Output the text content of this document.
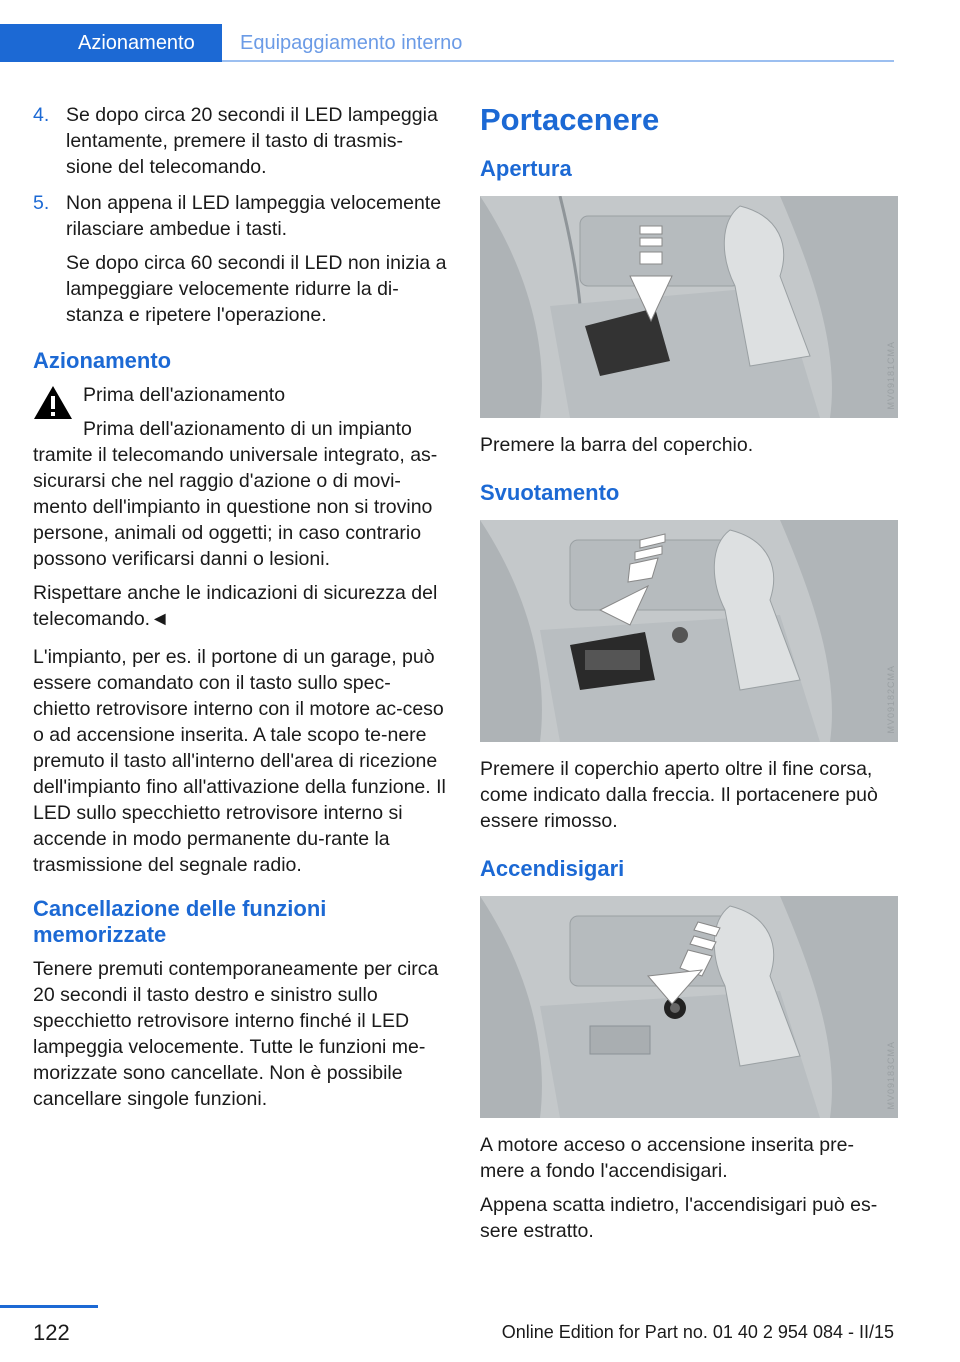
Azionamento	Equipaggiamento interno
4. Se dopo circa 20 secondi il LED lampeggia lentamente, premere il tasto di trasmis-sione del telecomando.
5. Non appena il LED lampeggia velocemente rilasciare ambedue i tasti.
Se dopo circa 60 secondi il LED non inizia a lampeggiare velocemente ridurre la di-stanza e ripetere l'operazione.
Azionamento
Prima dell'azionamento
Prima dell'azionamento di un impianto
tramite il telecomando universale integrato, as-sicurarsi che nel raggio d'azione o di movi-mento dell'impianto in questione non si trovino persone, animali od oggetti; in caso contrario possono verificarsi danni o lesioni.
Rispettare anche le indicazioni di sicurezza del telecomando.◄

L'impianto, per es. il portone di un garage, può essere comandato con il tasto sullo spec-chietto retrovisore interno con il motore ac-ceso o ad accensione inserita. A tale scopo te-nere premuto il tasto all'interno dell'area di ricezione dell'impianto fino all'attivazione della funzione. Il LED sullo specchietto retrovisore interno si accende in modo permanente du-rante la trasmissione del segnale radio.

Cancellazione delle funzioni memorizzate

Tenere premuti contemporaneamente per circa 20 secondi il tasto destro e sinistro sullo specchietto retrovisore interno finché il LED lampeggia velocemente. Tutte le funzioni me-morizzate sono cancellate. Non è possibile cancellare singole funzioni.

Portacenere
Apertura
MV09181CMA

Premere la barra del coperchio.

Svuotamento
MV09182CMA

Premere il coperchio aperto oltre il fine corsa, come indicato dalla freccia. Il portacenere può essere rimosso.

Accendisigari
MV09183CMA

A motore acceso o accensione inserita pre-mere a fondo l'accendisigari.

Appena scatta indietro, l'accendisigari può es-sere estratto.

122	Online Edition for Part no. 01 40 2 954 084 - II/15
